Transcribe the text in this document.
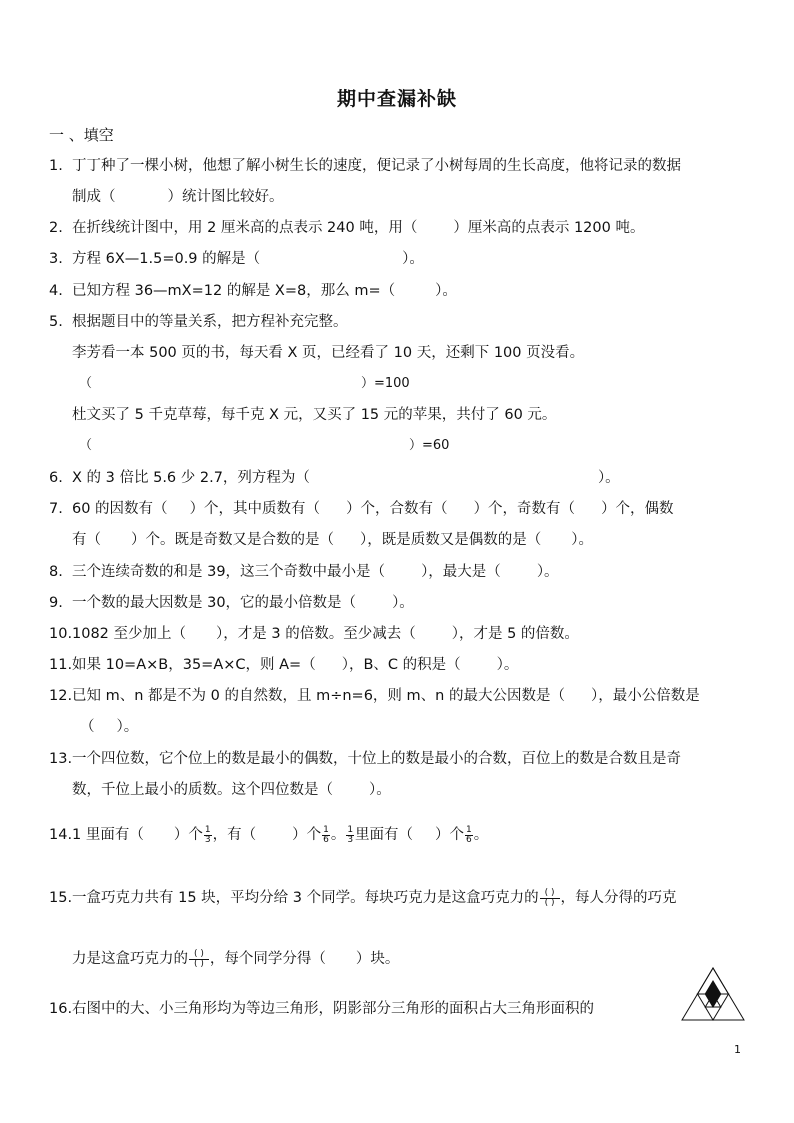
期中查漏补缺
一 、填空
1. 丁丁种了一棵小树，他想了解小树生长的速度，便记录了小树每周的生长高度，他将记录的数据
制成（	）统计图比较好。
2. 在折线统计图中，用 2 厘米高的点表示 240 吨，用（ ）厘米高的点表示 1200 吨。
3. 方程 6X—1.5=0.9 的解是（	）。
4. 已知方程 36—mX=12 的解是 X=8，那么 m=（	）。
5. 根据题目中的等量关系，把方程补充完整。
李芳看一本 500 页的书，每天看 X 页，已经看了 10 天，还剩下 100 页没看。
（	）=100
杜文买了 5 千克草莓，每千克 X 元，又买了 15 元的苹果，共付了 60 元。
（	）=60
6. X 的 3 倍比 5.6 少 2.7，列方程为（	）。
7. 60 的因数有（ ）个，其中质数有（ ）个，合数有（ ）个，奇数有（ ）个，偶数
有（ ）个。既是奇数又是合数的是（ ），既是质数又是偶数的是（ ）。
8. 三个连续奇数的和是 39，这三个奇数中最小是（ ），最大是（ ）。
9. 一个数的最大因数是 30，它的最小倍数是（ ）。
10. 1082 至少加上（ ），才是 3 的倍数。至少减去（ ），才是 5 的倍数。
11. 如果 10=A×B，35=A×C，则 A=（ ），B、C 的积是（ ）。
12. 已知 m、n 都是不为 0 的自然数，且 m÷n=6，则 m、n 的最大公因数是（ ），最小公倍数是
（ ）。
13. 一个四位数，它个位上的数是最小的偶数，十位上的数是最小的合数，百位上的数是合数且是奇
数，千位上最小的质数。这个四位数是（ ）。
14. 1 里面有（ ）个 $\frac{1}{3}$ ，有（ ）个 $\frac{1}{6}$ 。 $\frac{1}{3}$ 里面有（ ）个 $\frac{1}{6}$ 。
15. 一盒巧克力共有 15 块，平均分给 3 个同学。每块巧克力是这盒巧克力的 $\frac{( )}{( )}$ ，每人分得的巧克
力是这盒巧克力的 $\frac{( )}{( )}$ ，每个同学分得（ ）块。
16. 右图中的大、小三角形均为等边三角形，阴影部分三角形的面积占大三角形面积的
1
